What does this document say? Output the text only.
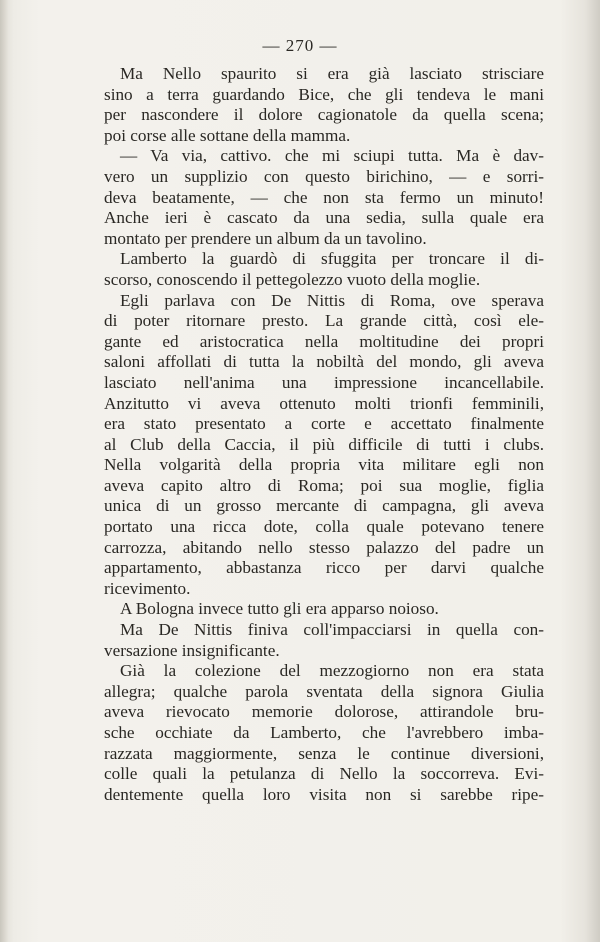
— 270 —
Ma Nello spaurito si era già lasciato strisciare
sino a terra guardando Bice, che gli tendeva le mani
per nascondere il dolore cagionatole da quella scena;
poi corse alle sottane della mamma.
— Va via, cattivo. che mi sciupi tutta. Ma è dav-
vero un supplizio con questo birichino, — e sorri-
deva beatamente, — che non sta fermo un minuto!
Anche ieri è cascato da una sedia, sulla quale era
montato per prendere un album da un tavolino.
Lamberto la guardò di sfuggita per troncare il di-
scorso, conoscendo il pettegolezzo vuoto della moglie.
Egli parlava con De Nittis di Roma, ove sperava
di poter ritornare presto. La grande città, così ele-
gante ed aristocratica nella moltitudine dei propri
saloni affollati di tutta la nobiltà del mondo, gli aveva
lasciato nell'anima una impressione incancellabile.
Anzitutto vi aveva ottenuto molti trionfi femminili,
era stato presentato a corte e accettato finalmente
al Club della Caccia, il più difficile di tutti i clubs.
Nella volgarità della propria vita militare egli non
aveva capito altro di Roma; poi sua moglie, figlia
unica di un grosso mercante di campagna, gli aveva
portato una ricca dote, colla quale potevano tenere
carrozza, abitando nello stesso palazzo del padre un
appartamento, abbastanza ricco per darvi qualche
ricevimento.
A Bologna invece tutto gli era apparso noioso.
Ma De Nittis finiva coll'impacciarsi in quella con-
versazione insignificante.
Già la colezione del mezzogiorno non era stata
allegra; qualche parola sventata della signora Giulia
aveva rievocato memorie dolorose, attirandole bru-
sche occhiate da Lamberto, che l'avrebbero imba-
razzata maggiormente, senza le continue diversioni,
colle quali la petulanza di Nello la soccorreva. Evi-
dentemente quella loro visita non si sarebbe ripe-
